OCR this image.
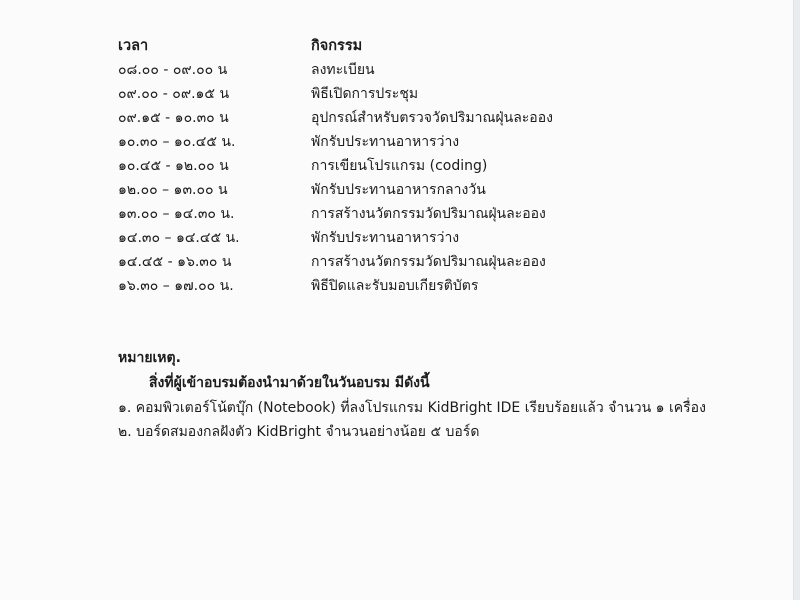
เวลา	กิจกรรม
๐๘.๐๐ - ๐๙.๐๐ น	ลงทะเบียน
๐๙.๐๐ - ๐๙.๑๕ น	พิธีเปิดการประชุม
๐๙.๑๕ - ๑๐.๓๐ น	อุปกรณ์สำหรับตรวจวัดปริมาณฝุ่นละออง
๑๐.๓๐ – ๑๐.๔๕ น.	พักรับประทานอาหารว่าง
๑๐.๔๕ - ๑๒.๐๐ น	การเขียนโปรแกรม (coding)
๑๒.๐๐ – ๑๓.๐๐ น	พักรับประทานอาหารกลางวัน
๑๓.๐๐ – ๑๔.๓๐ น.	การสร้างนวัตกรรมวัดปริมาณฝุ่นละออง
๑๔.๓๐ – ๑๔.๔๕ น.	พักรับประทานอาหารว่าง
๑๔.๔๕ - ๑๖.๓๐ น	การสร้างนวัตกรรมวัดปริมาณฝุ่นละออง
๑๖.๓๐ – ๑๗.๐๐ น.	พิธีปิดและรับมอบเกียรติบัตร
หมายเหตุ.
สิ่งที่ผู้เข้าอบรมต้องนำมาด้วยในวันอบรม มีดังนี้
๑. คอมพิวเตอร์โน้ตบุ๊ก (Notebook) ที่ลงโปรแกรม KidBright IDE เรียบร้อยแล้ว จำนวน ๑ เครื่อง
๒. บอร์ดสมองกลฝังตัว KidBright จำนวนอย่างน้อย ๕ บอร์ด
